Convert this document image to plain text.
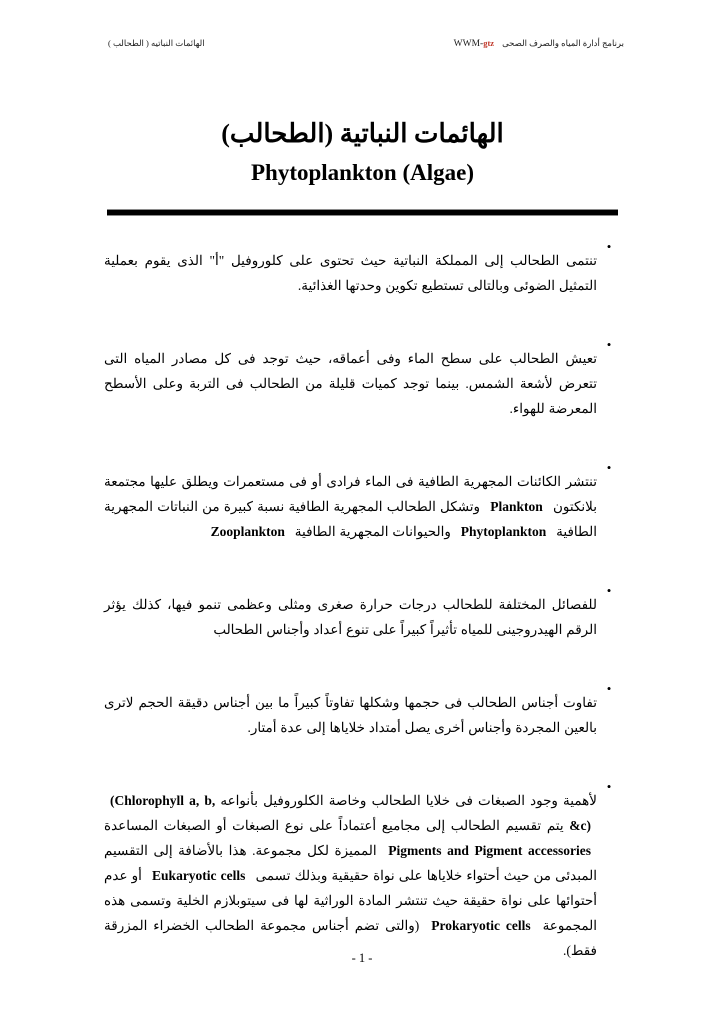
الهائمات النباتيه ( الطحالب )	برنامج أدارة المياه والصرف الصحى
WWM-gtz
الهائمات النباتية (الطحالب)
Phytoplankton (Algae)
•

تنتمى الطحالب إلى المملكة النباتية حيث تحتوى على كلوروفيل "أ" الذى يقوم بعملية التمثيل الضوئى وبالتالى تستطيع تكوين وحدتها الغذائية.

•

تعيش الطحالب على سطح الماء وفى أعماقه، حيث توجد فى كل مصادر المياه التى تتعرض لأشعة الشمس. بينما توجد كميات قليلة من الطحالب فى التربة وعلى الأسطح المعرضة للهواء.

•

تنتشر الكائنات المجهرية الطافية فى الماء فرادى أو فى مستعمرات ويطلق عليها مجتمعة بلانكتون Plankton وتشكل الطحالب المجهرية الطافية نسبة كبيرة من النباتات المجهرية الطافية Phytoplankton والحيوانات المجهرية الطافية Zooplankton

•

للفصائل المختلفة للطحالب درجات حرارة صغرى ومثلى وعظمى تنمو فيها، كذلك يؤثر الرقم الهيدروجينى للمياه تأثيراً كبيراً على تنوع أعداد وأجناس الطحالب

•

تفاوت أجناس الطحالب فى حجمها وشكلها تفاوتاً كبيراً ما بين أجناس دقيقة الحجم لاترى بالعين المجردة وأجناس أخرى يصل أمتداد خلاياها إلى عدة أمتار.

•

لأهمية وجود الصبغات فى خلايا الطحالب وخاصة الكلوروفيل بأنواعه (Chlorophyll a, b, &c) يتم تقسيم الطحالب إلى مجاميع أعتماداً على نوع الصبغات أو الصبغات المساعدة Pigments and Pigment accessories المميزة لكل مجموعة. هذا بالأضافة إلى التقسيم المبدئى من حيث أحتواء خلاياها على نواة حقيقية وبذلك تسمى Eukaryotic cells أو عدم أحتوائها على نواة حقيقة حيث تنتشر المادة الوراثية لها فى سيتوبلازم الخلية وتسمى هذه المجموعة Prokaryotic cells (والتى تضم أجناس مجموعة الطحالب الخضراء المزرقة فقط).

- 1 -
